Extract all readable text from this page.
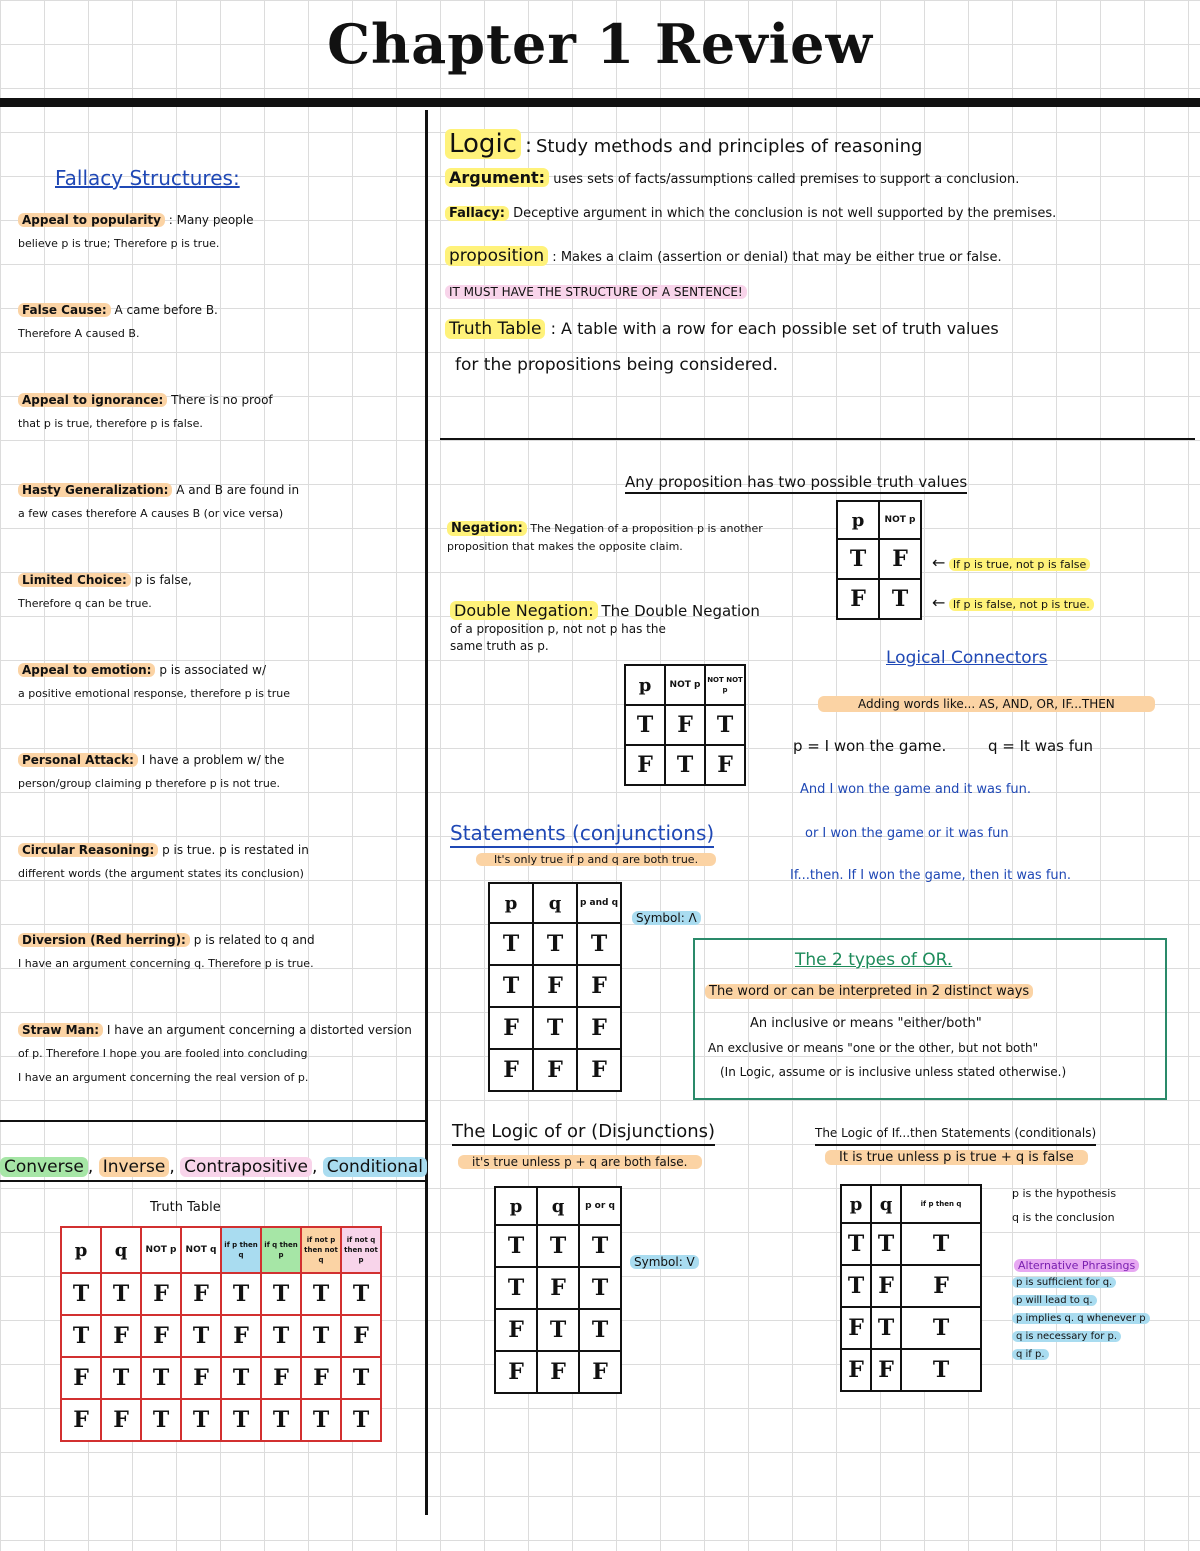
Chapter 1 Review
Fallacy Structures:
Appeal to popularity : Many people
believe p is true; Therefore p is true.
False Cause: A came before B.
Therefore A caused B.
Appeal to ignorance: There is no proof
that p is true, therefore p is false.
Hasty Generalization: A and B are found in
a few cases therefore A causes B (or vice versa)
Limited Choice: p is false,
Therefore q can be true.
Appeal to emotion: p is associated w/
a positive emotional response, therefore p is true
Personal Attack: I have a problem w/ the
person/group claiming p therefore p is not true.
Circular Reasoning: p is true. p is restated in
different words (the argument states its conclusion)
Diversion (Red herring): p is related to q and
I have an argument concerning q. Therefore p is true.
Straw Man: I have an argument concerning a distorted version
of p. Therefore I hope you are fooled into concluding
I have an argument concerning the real version of p.
Logic : Study methods and principles of reasoning
Argument: uses sets of facts/assumptions called premises to support a conclusion.
Fallacy: Deceptive argument in which the conclusion is not well supported by the premises.
proposition : Makes a claim (assertion or denial) that may be either true or false.
IT MUST HAVE THE STRUCTURE OF A SENTENCE!
Truth Table : A table with a row for each possible set of truth values
for the propositions being considered.
Any proposition has two possible truth values
Negation: The Negation of a proposition p is another
proposition that makes the opposite claim.
p	NOT p
T	F
F	T
← If p is true, not p is false
← If p is false, not p is true.
Double Negation: The Double Negation
of a proposition p, not not p has the
same truth as p.
p	NOT p	NOT NOT p
T	F	T
F	T	F
Logical Connectors
Adding words like... AS, AND, OR, IF...THEN
p = I won the game.	q = It was fun
And I won the game and it was fun.
or I won the game or it was fun
If...then. If I won the game, then it was fun.
Statements (conjunctions)
It's only true if p and q are both true.
p	q	p and q
T	T	T
T	F	F
F	T	F
F	F	F
Symbol: Λ
The 2 types of OR.
The word or can be interpreted in 2 distinct ways
An inclusive or means "either/both"
An exclusive or means "one or the other, but not both"
(In Logic, assume or is inclusive unless stated otherwise.)
The Logic of or (Disjunctions)
it's true unless p + q are both false.
p	q	p or q
T	T	T
T	F	T
F	T	T
F	F	F
Symbol: V
The Logic of If...then Statements (conditionals)
It is true unless p is true + q is false
p	q	if p then q
T	T	T
T	F	F
F	T	T
F	F	T
p is the hypothesis
q is the conclusion
Alternative Phrasings
p is sufficient for q.
p will lead to q.
p implies q. q whenever p
q is necessary for p.
q if p.
Converse , Inverse , Contrapositive , Conditional
Truth Table
p	q	NOT p	NOT q	if p then q	if q then p	if not p then not q	if not q then not p
T	T	F	F	T	T	T	T
T	F	F	T	F	T	T	F
F	T	T	F	T	F	F	T
F	F	T	T	T	T	T	T
